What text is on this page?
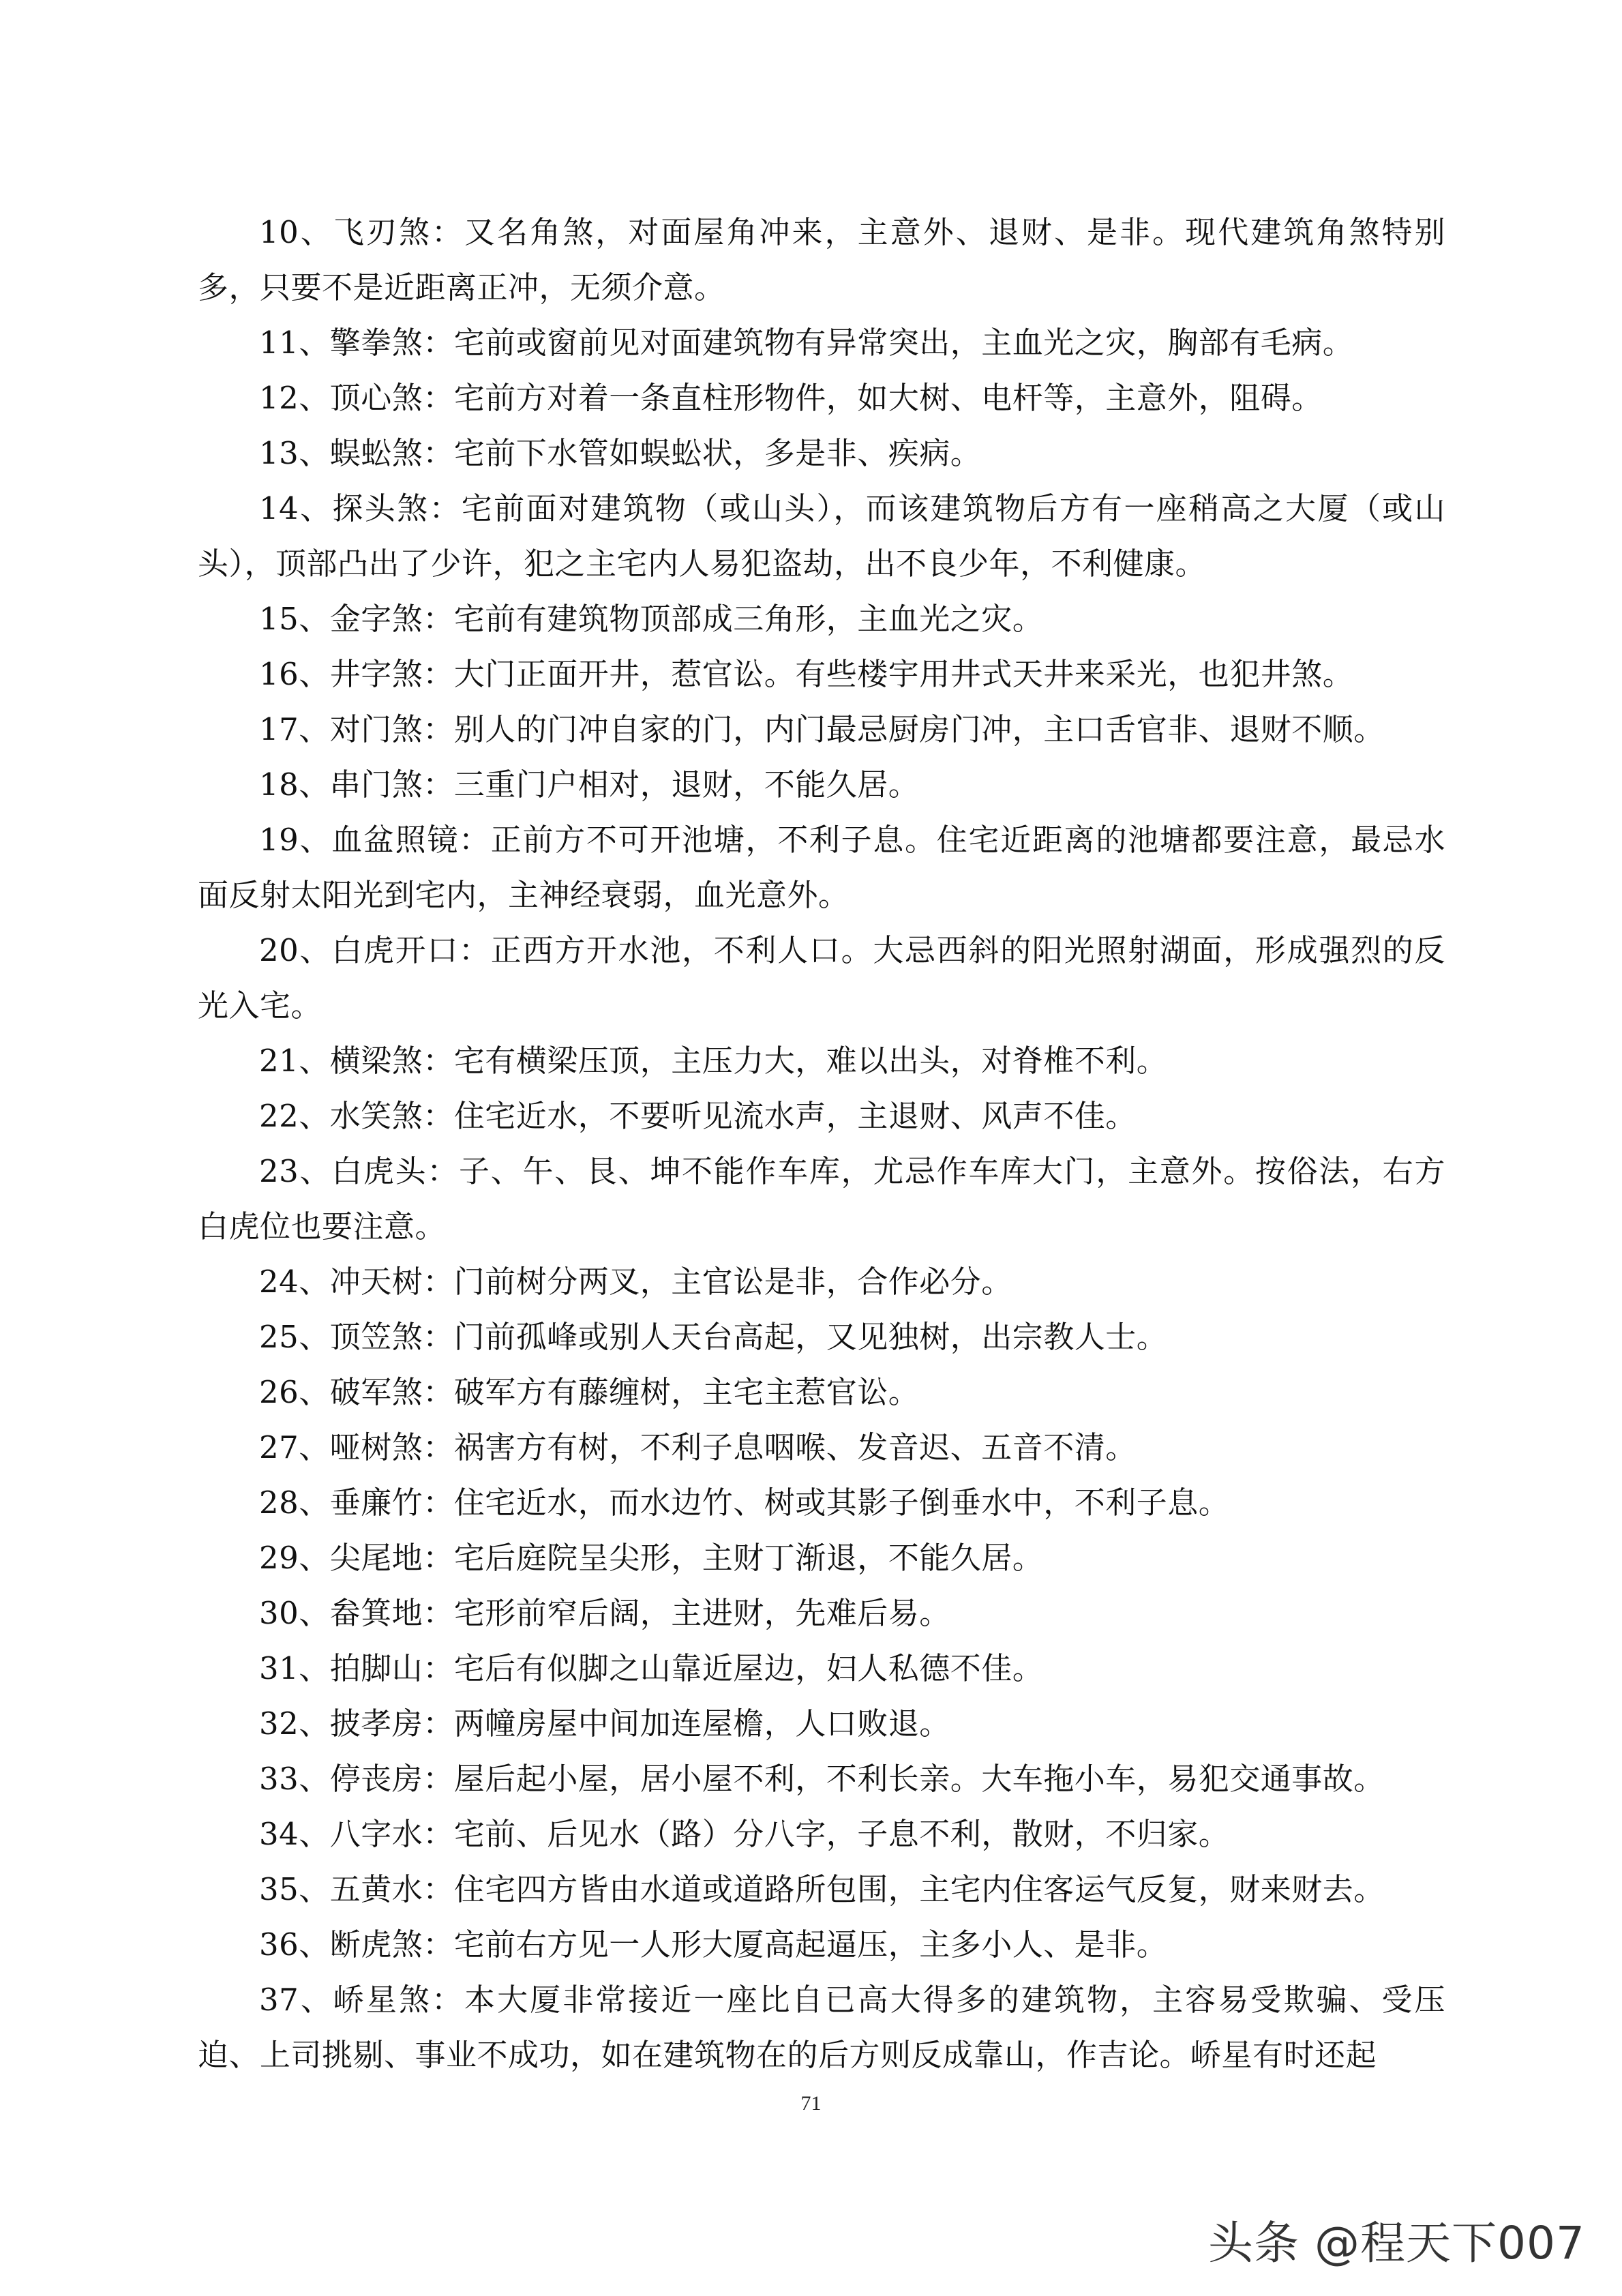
10、飞刃煞：又名角煞，对面屋角冲来，主意外、退财、是非。现代建筑角煞特别多，只要不是近距离正冲，无须介意。

11、擎拳煞：宅前或窗前见对面建筑物有异常突出，主血光之灾，胸部有毛病。

12、顶心煞：宅前方对着一条直柱形物件，如大树、电杆等，主意外，阻碍。

13、蜈蚣煞：宅前下水管如蜈蚣状，多是非、疾病。

14、探头煞：宅前面对建筑物（或山头），而该建筑物后方有一座稍高之大厦（或山头），顶部凸出了少许，犯之主宅内人易犯盗劫，出不良少年，不利健康。

15、金字煞：宅前有建筑物顶部成三角形，主血光之灾。

16、井字煞：大门正面开井，惹官讼。有些楼宇用井式天井来采光，也犯井煞。

17、对门煞：别人的门冲自家的门，内门最忌厨房门冲，主口舌官非、退财不顺。

18、串门煞：三重门户相对，退财，不能久居。

19、血盆照镜：正前方不可开池塘，不利子息。住宅近距离的池塘都要注意，最忌水面反射太阳光到宅内，主神经衰弱，血光意外。

20、白虎开口：正西方开水池，不利人口。大忌西斜的阳光照射湖面，形成强烈的反光入宅。

21、横梁煞：宅有横梁压顶，主压力大，难以出头，对脊椎不利。

22、水笑煞：住宅近水，不要听见流水声，主退财、风声不佳。

23、白虎头：子、午、艮、坤不能作车库，尤忌作车库大门，主意外。按俗法，右方白虎位也要注意。

24、冲天树：门前树分两叉，主官讼是非，合作必分。

25、顶笠煞：门前孤峰或别人天台高起，又见独树，出宗教人士。

26、破军煞：破军方有藤缠树，主宅主惹官讼。

27、哑树煞：祸害方有树，不利子息咽喉、发音迟、五音不清。

28、垂廉竹：住宅近水，而水边竹、树或其影子倒垂水中，不利子息。

29、尖尾地：宅后庭院呈尖形，主财丁渐退，不能久居。

30、畚箕地：宅形前窄后阔，主进财，先难后易。

31、拍脚山：宅后有似脚之山靠近屋边，妇人私德不佳。

32、披孝房：两幢房屋中间加连屋檐，人口败退。

33、停丧房：屋后起小屋，居小屋不利，不利长亲。大车拖小车，易犯交通事故。

34、八字水：宅前、后见水（路）分八字，子息不利，散财，不归家。

35、五黄水：住宅四方皆由水道或道路所包围，主宅内住客运气反复，财来财去。

36、断虎煞：宅前右方见一人形大厦高起逼压，主多小人、是非。

37、峤星煞：本大厦非常接近一座比自已高大得多的建筑物，主容易受欺骗、受压迫、上司挑剔、事业不成功，如在建筑物在的后方则反成靠山，作吉论。峤星有时还起

71
头条 @程天下007
